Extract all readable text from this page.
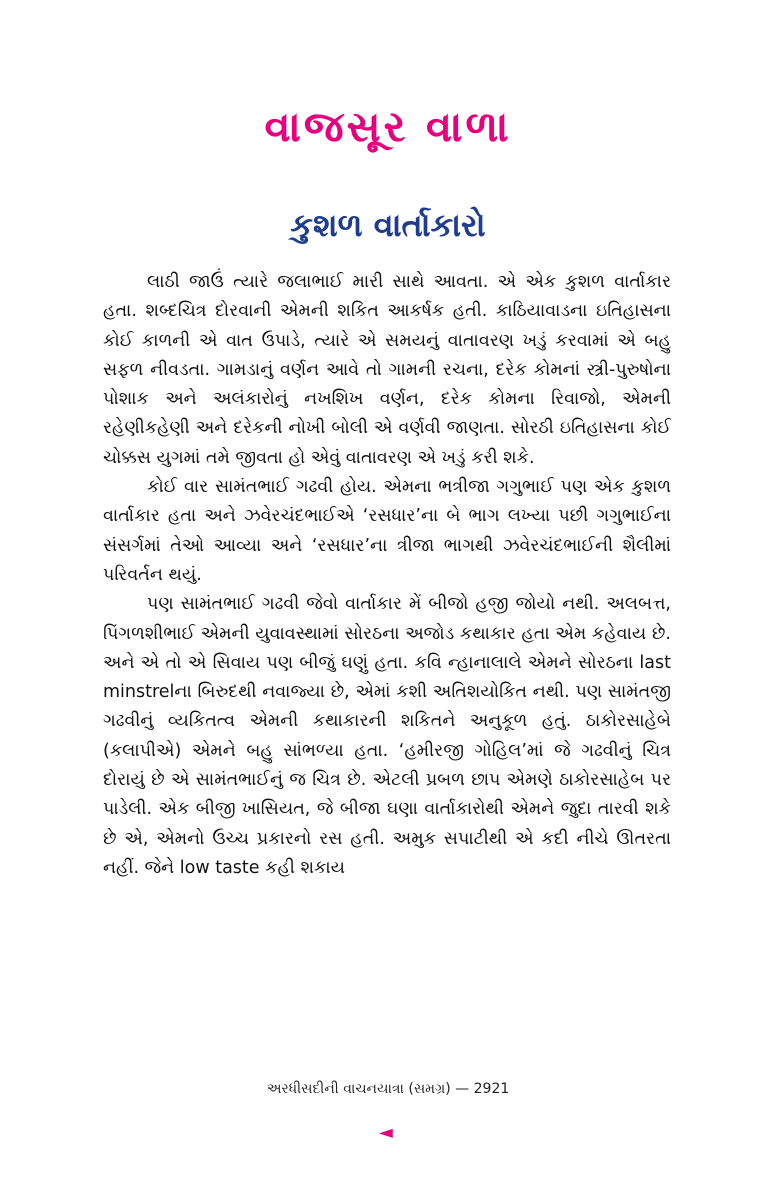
વાજસૂર વાળા
કુશળ વાર્તાકારો

લાઠી જાઉં ત્યારે જલાભાઈ મારી સાથે આવતા. એ એક કુશળ વાર્તાકાર હતા. શબ્દચિત્ર દોરવાની એમની શકિત આકર્ષક હતી. કાઠિયાવાડના ઇતિહાસના કોઈ કાળની એ વાત ઉપાડે, ત્યારે એ સમયનું વાતાવરણ ખડું કરવામાં એ બહુ સફળ નીવડતા. ગામડાનું વર્ણન આવે તો ગામની રચના, દરેક કોમનાં સ્ત્રી-પુરુષોના પોશાક અને અલંકારોનું નખશિખ વર્ણન, દરેક કોમના રિવાજો, એમની રહેણીકહેણી અને દરેકની નોખી બોલી એ વર્ણવી જાણતા. સોરઠી ઇતિહાસના કોઈ ચોક્કસ યુગમાં તમે જીવતા હો એવું વાતાવરણ એ ખડું કરી શકે.

કોઈ વાર સામંતભાઈ ગઢવી હોય. એમના ભત્રીજા ગગુભાઈ પણ એક કુશળ વાર્તાકાર હતા અને ઝવેરચંદભાઈએ ‘રસધાર’ના બે ભાગ લખ્યા પછી ગગુભાઈના સંસર્ગમાં તેઓ આવ્યા અને ‘રસધાર’ના ત્રીજા ભાગથી ઝવેરચંદભાઈની શૈલીમાં પરિવર્તન થયું.

પણ સામંતભાઈ ગઢવી જેવો વાર્તાકાર મેં બીજો હજી જોયો નથી. અલબત્ત, પિંગળશીભાઈ એમની યુવાવસ્થામાં સોરઠના અજોડ કથાકાર હતા એમ કહેવાય છે. અને એ તો એ સિવાય પણ બીજું ઘણું હતા. કવિ ન્હાનાલાલે એમને સોરઠના last minstrelના બિરુદથી નવાજ્યા છે, એમાં કશી અતિશયોકિત નથી. પણ સામંતજી ગઢવીનું વ્યકિતત્વ એમની કથાકારની શકિતને અનુકૂળ હતું. ઠાકોરસાહેબે (કલાપીએ) એમને બહુ સાંભળ્યા હતા. ‘હમીરજી ગોહિલ’માં જે ગઢવીનું ચિત્ર દોરાયું છે એ સામંતભાઈનું જ ચિત્ર છે. એટલી પ્રબળ છાપ એમણે ઠાકોરસાહેબ પર પાડેલી. એક બીજી ખાસિયત, જે બીજા ઘણા વાર્તાકારોથી એમને જુદા તારવી શકે છે એ, એમનો ઉચ્ચ પ્રકારનો રસ હતી. અમુક સપાટીથી એ કદી નીચે ઊતરતા નહીં. જેને low taste કહી શકાય

અરધીસદીની વાચનયાત્રા (સમગ્ર) — 2921
◄
